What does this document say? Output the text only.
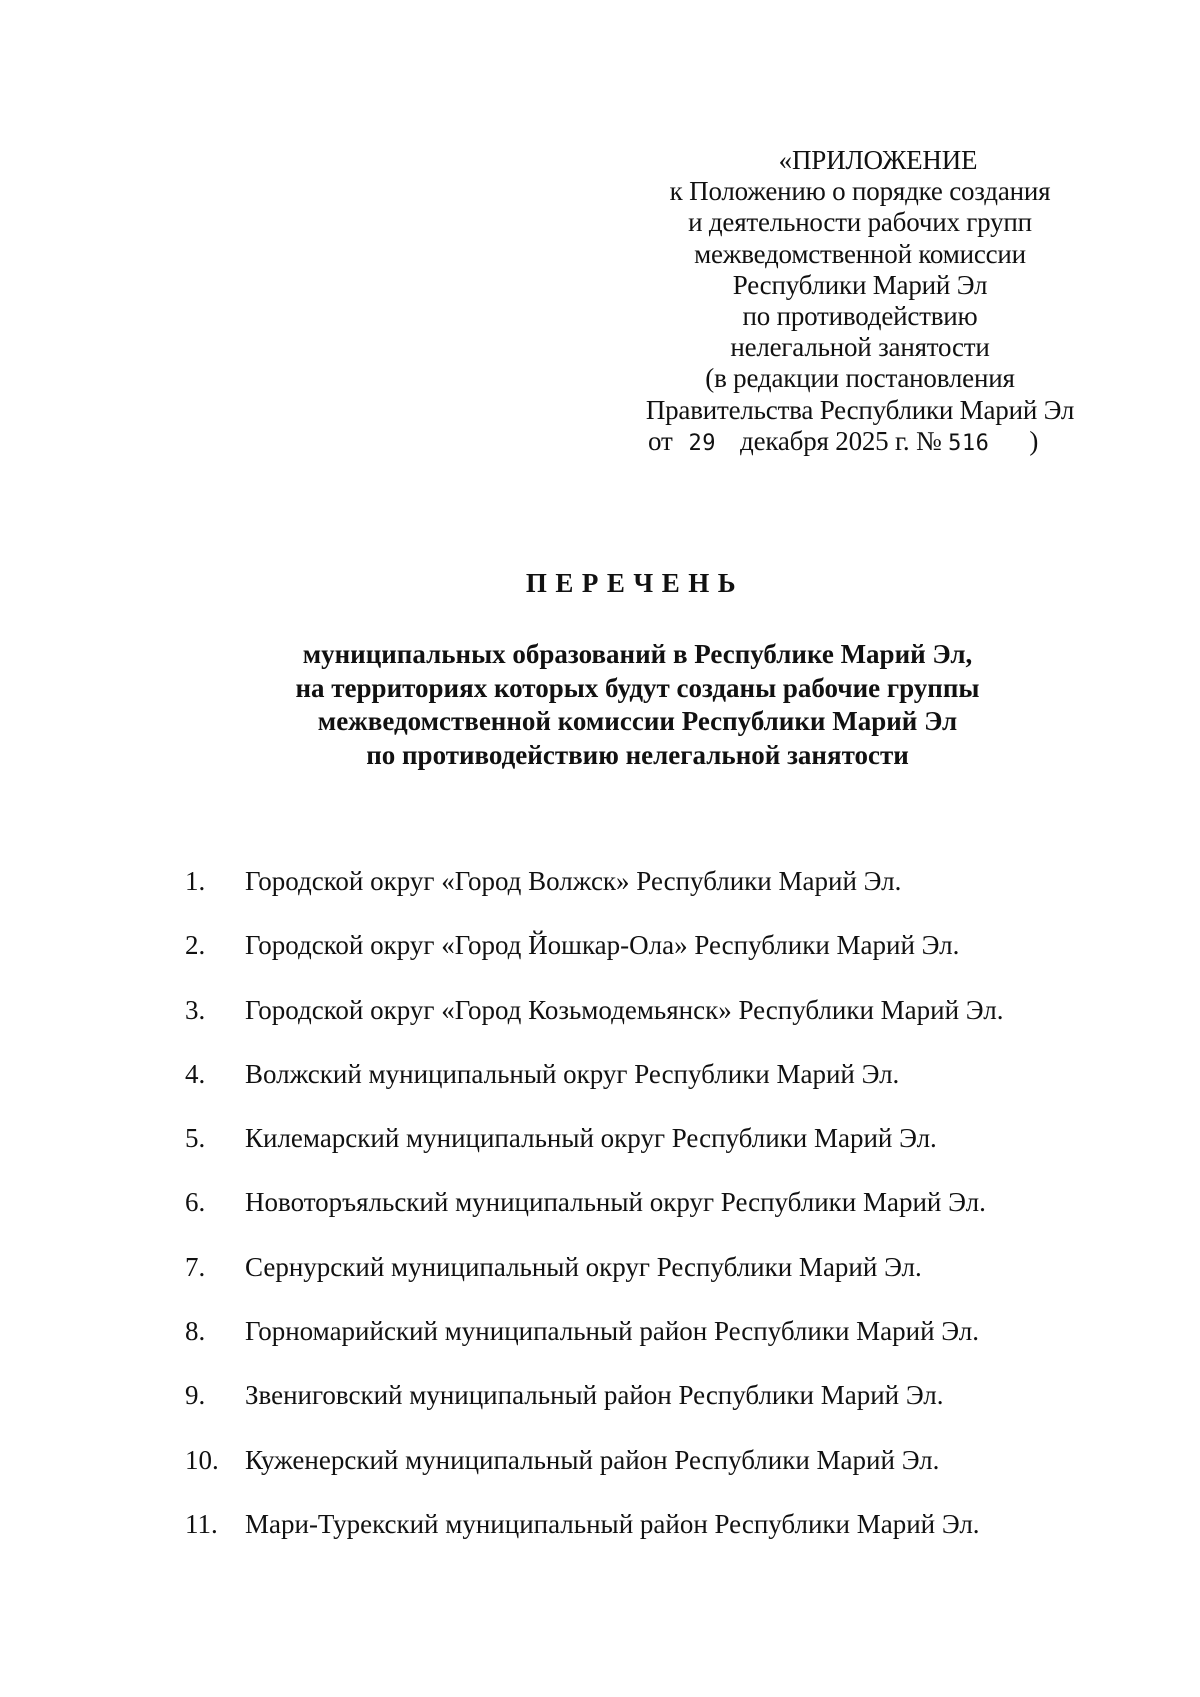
«ПРИЛОЖЕНИЕ
к Положению о порядке создания
и деятельности рабочих групп
межведомственной комиссии
Республики Марий Эл
по противодействию
нелегальной занятости
(в редакции постановления
Правительства Республики Марий Эл
от 29 декабря 2025 г. № 516 )
ПЕРЕЧЕНЬ
муниципальных образований в Республике Марий Эл,
на территориях которых будут созданы рабочие группы
межведомственной комиссии Республики Марий Эл
по противодействию нелегальной занятости
1.	Городской округ «Город Волжск» Республики Марий Эл.
2.	Городской округ «Город Йошкар-Ола» Республики Марий Эл.
3.	Городской округ «Город Козьмодемьянск» Республики Марий Эл.
4.	Волжский муниципальный округ Республики Марий Эл.
5.	Килемарский муниципальный округ Республики Марий Эл.
6.	Новоторъяльский муниципальный округ Республики Марий Эл.
7.	Сернурский муниципальный округ Республики Марий Эл.
8.	Горномарийский муниципальный район Республики Марий Эл.
9.	Звениговский муниципальный район Республики Марий Эл.
10. Куженерский муниципальный район Республики Марий Эл.
11.	Мари-Турекский муниципальный район Республики Марий Эл.
